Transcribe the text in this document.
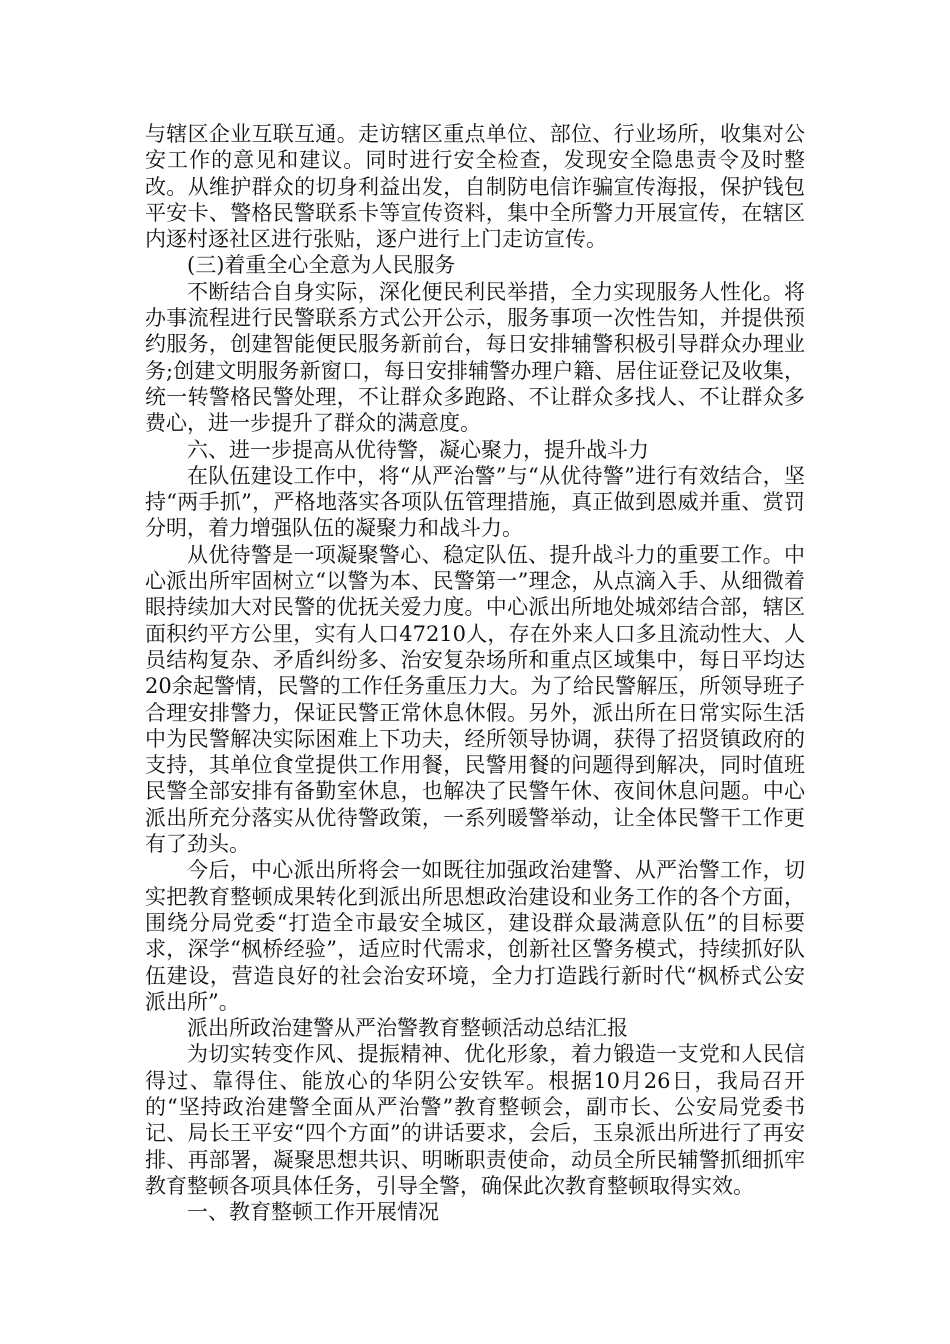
与辖区企业互联互通。走访辖区重点单位、部位、行业场所，收集对公安工作的意见和建议。同时进行安全检查，发现安全隐患责令及时整改。从维护群众的切身利益出发，自制防电信诈骗宣传海报，保护钱包平安卡、警格民警联系卡等宣传资料，集中全所警力开展宣传，在辖区内逐村逐社区进行张贴，逐户进行上门走访宣传。

(三)着重全心全意为人民服务

不断结合自身实际，深化便民利民举措，全力实现服务人性化。将办事流程进行民警联系方式公开公示，服务事项一次性告知，并提供预约服务，创建智能便民服务新前台，每日安排辅警积极引导群众办理业务;创建文明服务新窗口，每日安排辅警办理户籍、居住证登记及收集，统一转警格民警处理，不让群众多跑路、不让群众多找人、不让群众多费心，进一步提升了群众的满意度。

六、进一步提高从优待警，凝心聚力，提升战斗力

在队伍建设工作中，将“从严治警”与“从优待警”进行有效结合，坚持“两手抓”，严格地落实各项队伍管理措施，真正做到恩威并重、赏罚分明，着力增强队伍的凝聚力和战斗力。

从优待警是一项凝聚警心、稳定队伍、提升战斗力的重要工作。中心派出所牢固树立“以警为本、民警第一”理念，从点滴入手、从细微着眼持续加大对民警的优抚关爱力度。中心派出所地处城郊结合部，辖区面积约平方公里，实有人口47210人，存在外来人口多且流动性大、人员结构复杂、矛盾纠纷多、治安复杂场所和重点区域集中，每日平均达20余起警情，民警的工作任务重压力大。为了给民警解压，所领导班子合理安排警力，保证民警正常休息休假。另外，派出所在日常实际生活中为民警解决实际困难上下功夫，经所领导协调，获得了招贤镇政府的支持，其单位食堂提供工作用餐，民警用餐的问题得到解决，同时值班民警全部安排有备勤室休息，也解决了民警午休、夜间休息问题。中心派出所充分落实从优待警政策，一系列暖警举动，让全体民警干工作更有了劲头。

今后，中心派出所将会一如既往加强政治建警、从严治警工作，切实把教育整顿成果转化到派出所思想政治建设和业务工作的各个方面，围绕分局党委“打造全市最安全城区，建设群众最满意队伍”的目标要求，深学“枫桥经验”，适应时代需求，创新社区警务模式，持续抓好队伍建设，营造良好的社会治安环境，全力打造践行新时代“枫桥式公安派出所”。

派出所政治建警从严治警教育整顿活动总结汇报

为切实转变作风、提振精神、优化形象，着力锻造一支党和人民信得过、靠得住、能放心的华阴公安铁军。根据10月26日，我局召开的“坚持政治建警全面从严治警”教育整顿会，副市长、公安局党委书记、局长王平安“四个方面”的讲话要求，会后，玉泉派出所进行了再安排、再部署，凝聚思想共识、明晰职责使命，动员全所民辅警抓细抓牢教育整顿各项具体任务，引导全警，确保此次教育整顿取得实效。

一、教育整顿工作开展情况
